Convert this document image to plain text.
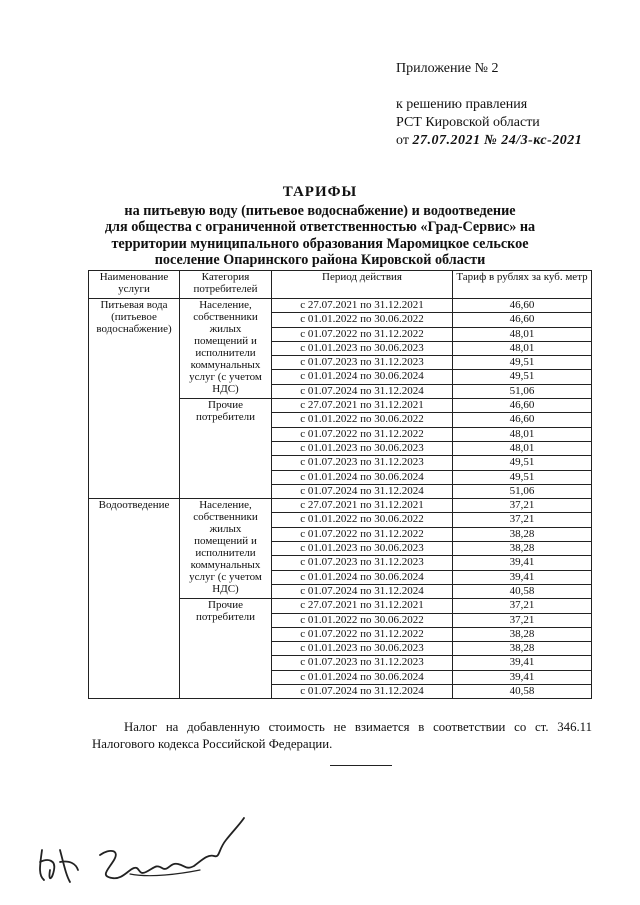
Приложение № 2
к решению правления
РСТ Кировской области
от 27.07.2021 № 24/3-кс-2021
ТАРИФЫ
на питьевую воду (питьевое водоснабжение) и водоотведение
для общества с ограниченной ответственностью «Град-Сервис» на
территории муниципального образования Маромицкое сельское
поселение Опаринского района Кировской области
Наименование услуги	Категория потребителей	Период действия	Тариф в рублях за куб. метр
Питьевая вода (питьевое водоснабжение)	Население, собственники жилых помещений и исполнители коммунальных услуг (с учетом НДС)	с 27.07.2021 по 31.12.2021	46,60
		с 01.01.2022 по 30.06.2022	46,60
		с 01.07.2022 по 31.12.2022	48,01
		с 01.01.2023 по 30.06.2023	48,01
		с 01.07.2023 по 31.12.2023	49,51
		с 01.01.2024 по 30.06.2024	49,51
		с 01.07.2024 по 31.12.2024	51,06
	Прочие потребители	с 27.07.2021 по 31.12.2021	46,60
		с 01.01.2022 по 30.06.2022	46,60
		с 01.07.2022 по 31.12.2022	48,01
		с 01.01.2023 по 30.06.2023	48,01
		с 01.07.2023 по 31.12.2023	49,51
		с 01.01.2024 по 30.06.2024	49,51
		с 01.07.2024 по 31.12.2024	51,06
Водоотведение	Население, собственники жилых помещений и исполнители коммунальных услуг (с учетом НДС)	с 27.07.2021 по 31.12.2021	37,21
		с 01.01.2022 по 30.06.2022	37,21
		с 01.07.2022 по 31.12.2022	38,28
		с 01.01.2023 по 30.06.2023	38,28
		с 01.07.2023 по 31.12.2023	39,41
		с 01.01.2024 по 30.06.2024	39,41
		с 01.07.2024 по 31.12.2024	40,58
	Прочие потребители	с 27.07.2021 по 31.12.2021	37,21
		с 01.01.2022 по 30.06.2022	37,21
		с 01.07.2022 по 31.12.2022	38,28
		с 01.01.2023 по 30.06.2023	38,28
		с 01.07.2023 по 31.12.2023	39,41
		с 01.01.2024 по 30.06.2024	39,41
		с 01.07.2024 по 31.12.2024	40,58
Налог на добавленную стоимость не взимается в соответствии со ст. 346.11 Налогового кодекса Российской Федерации.
